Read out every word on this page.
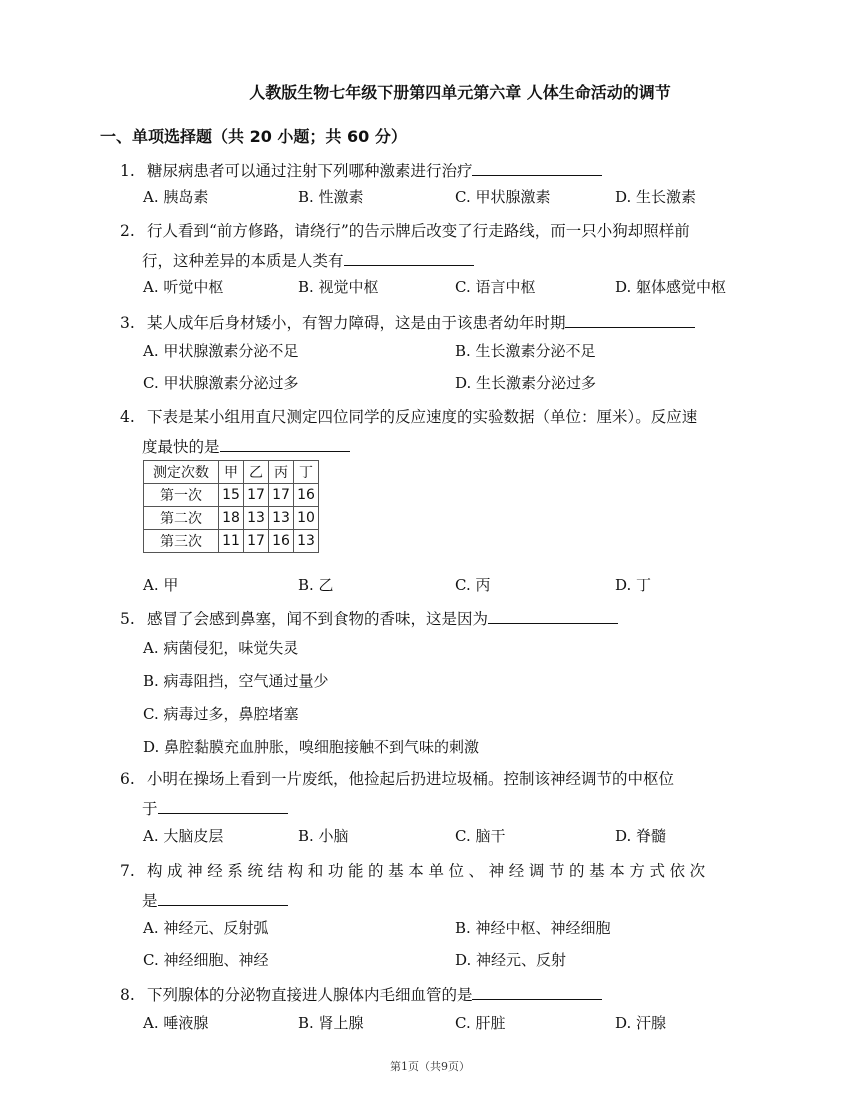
人教版生物七年级下册第四单元第六章 人体生命活动的调节
一、单项选择题（共 20 小题；共 60 分）
1. 糖尿病患者可以通过注射下列哪种激素进行治疗
A. 胰岛素	B. 性激素	C. 甲状腺激素	D. 生长激素
2. 行人看到“前方修路，请绕行”的告示牌后改变了行走路线，而一只小狗却照样前
行，这种差异的本质是人类有
A. 听觉中枢	B. 视觉中枢	C. 语言中枢	D. 躯体感觉中枢
3. 某人成年后身材矮小，有智力障碍，这是由于该患者幼年时期
A. 甲状腺激素分泌不足	B. 生长激素分泌不足
C. 甲状腺激素分泌过多	D. 生长激素分泌过多
4. 下表是某小组用直尺测定四位同学的反应速度的实验数据（单位：厘米）。反应速
度最快的是
测定次数	甲	乙	丙	丁
第一次	15	17	17	16
第二次	18	13	13	10
第三次	11	17	16	13
A. 甲	B. 乙	C. 丙	D. 丁
5. 感冒了会感到鼻塞，闻不到食物的香味，这是因为
A. 病菌侵犯，味觉失灵
B. 病毒阻挡，空气通过量少
C. 病毒过多，鼻腔堵塞
D. 鼻腔黏膜充血肿胀，嗅细胞接触不到气味的刺激
6. 小明在操场上看到一片废纸，他捡起后扔进垃圾桶。控制该神经调节的中枢位
于
A. 大脑皮层	B. 小脑	C. 脑干	D. 脊髓
7. 构成神经系统结构和功能的基本单位、神经调节的基本方式依次
是
A. 神经元、反射弧	B. 神经中枢、神经细胞
C. 神经细胞、神经	D. 神经元、反射
8. 下列腺体的分泌物直接进人腺体内毛细血管的是
A. 唾液腺	B. 肾上腺	C. 肝脏	D. 汗腺
第1页（共9页）
